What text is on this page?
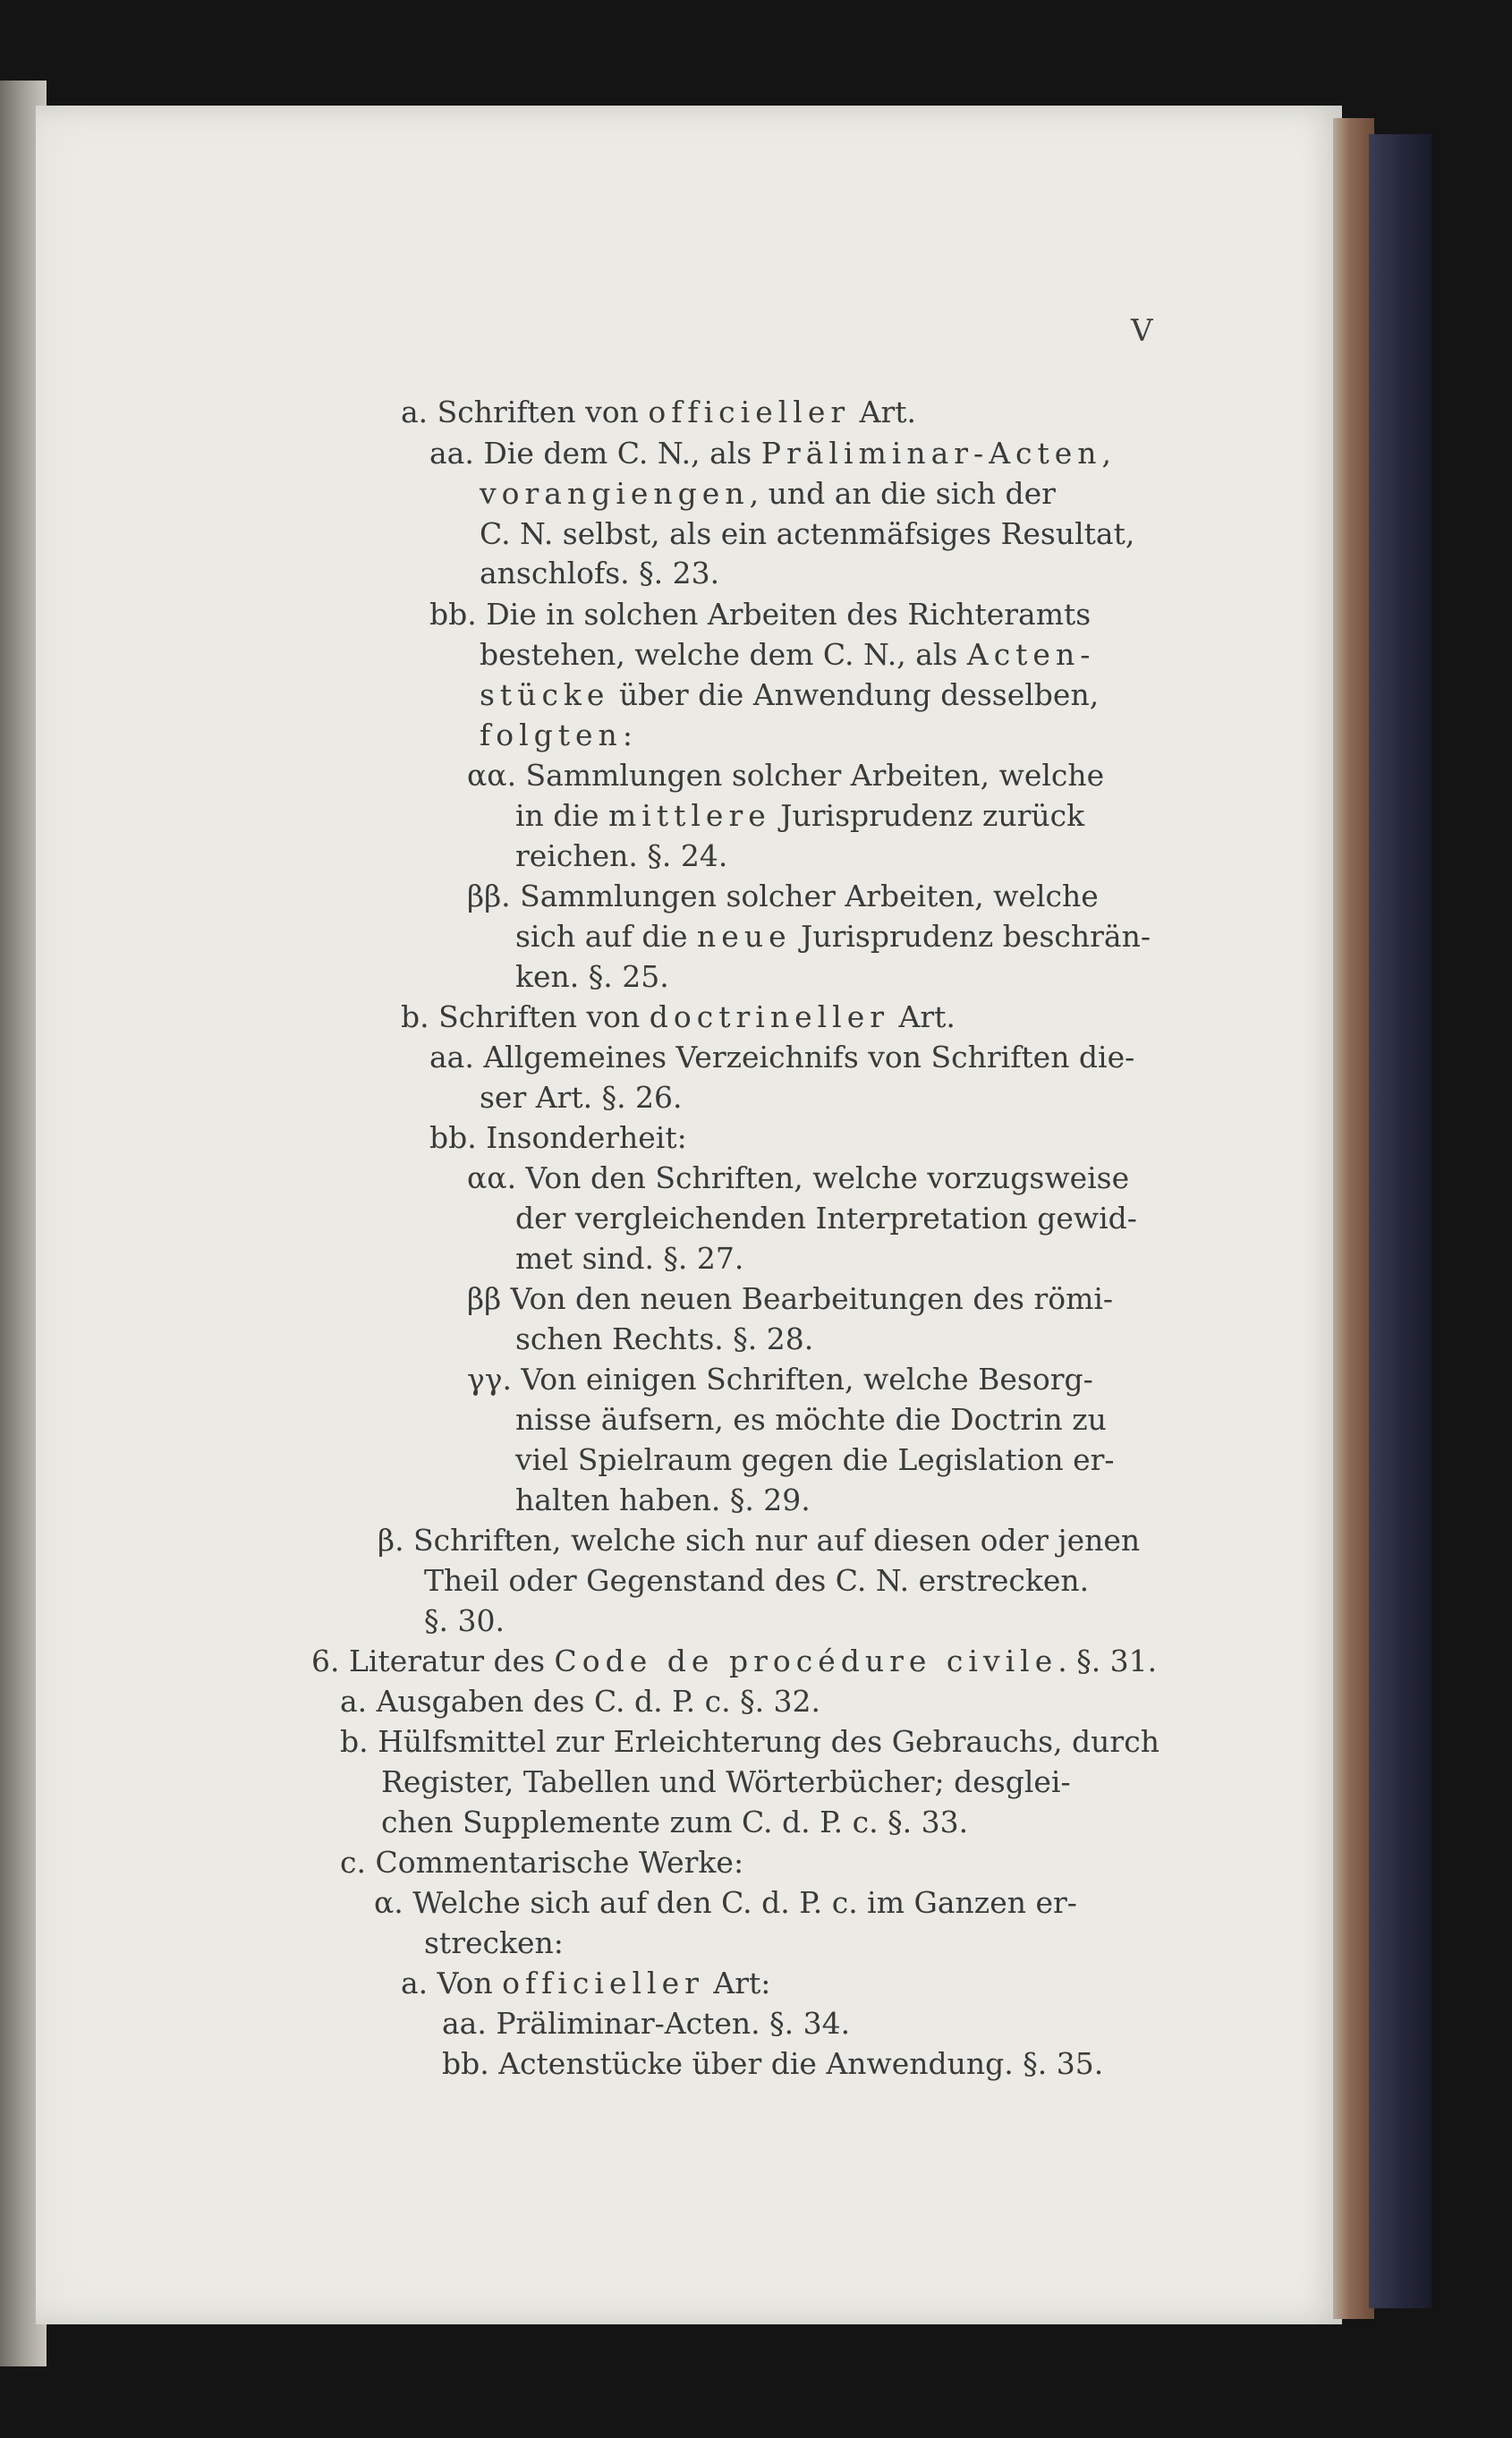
V
a. Schriften von officieller Art.
aa. Die dem C. N., als Präliminar-Acten,
vorangiengen, und an die sich der
C. N. selbst, als ein actenmäfsiges Resultat,
anschlofs. §. 23.
bb. Die in solchen Arbeiten des Richteramts
bestehen, welche dem C. N., als Acten-
stücke über die Anwendung desselben,
folgten:
αα. Sammlungen solcher Arbeiten, welche
in die mittlere Jurisprudenz zurück
reichen. §. 24.
ββ. Sammlungen solcher Arbeiten, welche
sich auf die neue Jurisprudenz beschrän-
ken. §. 25.
b. Schriften von doctrineller Art.
aa. Allgemeines Verzeichnifs von Schriften die-
ser Art. §. 26.
bb. Insonderheit:
αα. Von den Schriften, welche vorzugsweise
der vergleichenden Interpretation gewid-
met sind. §. 27.
ββ Von den neuen Bearbeitungen des römi-
schen Rechts. §. 28.
γγ. Von einigen Schriften, welche Besorg-
nisse äufsern, es möchte die Doctrin zu
viel Spielraum gegen die Legislation er-
halten haben. §. 29.
β. Schriften, welche sich nur auf diesen oder jenen
Theil oder Gegenstand des C. N. erstrecken.
§. 30.
6. Literatur des Code de procédure civile. §. 31.
a. Ausgaben des C. d. P. c. §. 32.
b. Hülfsmittel zur Erleichterung des Gebrauchs, durch
Register, Tabellen und Wörterbücher; desglei-
chen Supplemente zum C. d. P. c. §. 33.
c. Commentarische Werke:
α. Welche sich auf den C. d. P. c. im Ganzen er-
strecken:
a. Von officieller Art:
aa. Präliminar-Acten. §. 34.
bb. Actenstücke über die Anwendung. §. 35.
